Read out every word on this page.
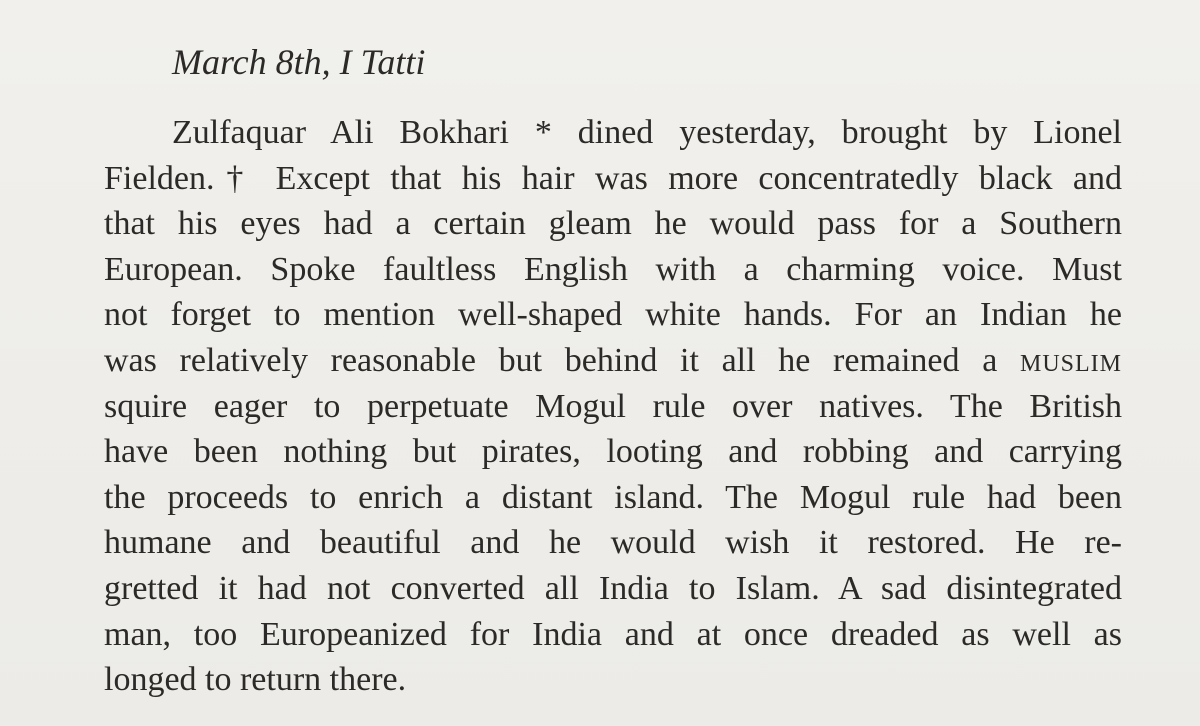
March 8th, I Tatti
Zulfaquar Ali Bokhari * dined yesterday, brought by Lionel
Fielden.† Except that his hair was more concentratedly black and
that his eyes had a certain gleam he would pass for a Southern
European. Spoke faultless English with a charming voice. Must
not forget to mention well-shaped white hands. For an Indian he
was relatively reasonable but behind it all he remained a muslim
squire eager to perpetuate Mogul rule over natives. The British
have been nothing but pirates, looting and robbing and carrying
the proceeds to enrich a distant island. The Mogul rule had been
humane and beautiful and he would wish it restored. He re-
gretted it had not converted all India to Islam. A sad disintegrated
man, too Europeanized for India and at once dreaded as well as
longed to return there.
